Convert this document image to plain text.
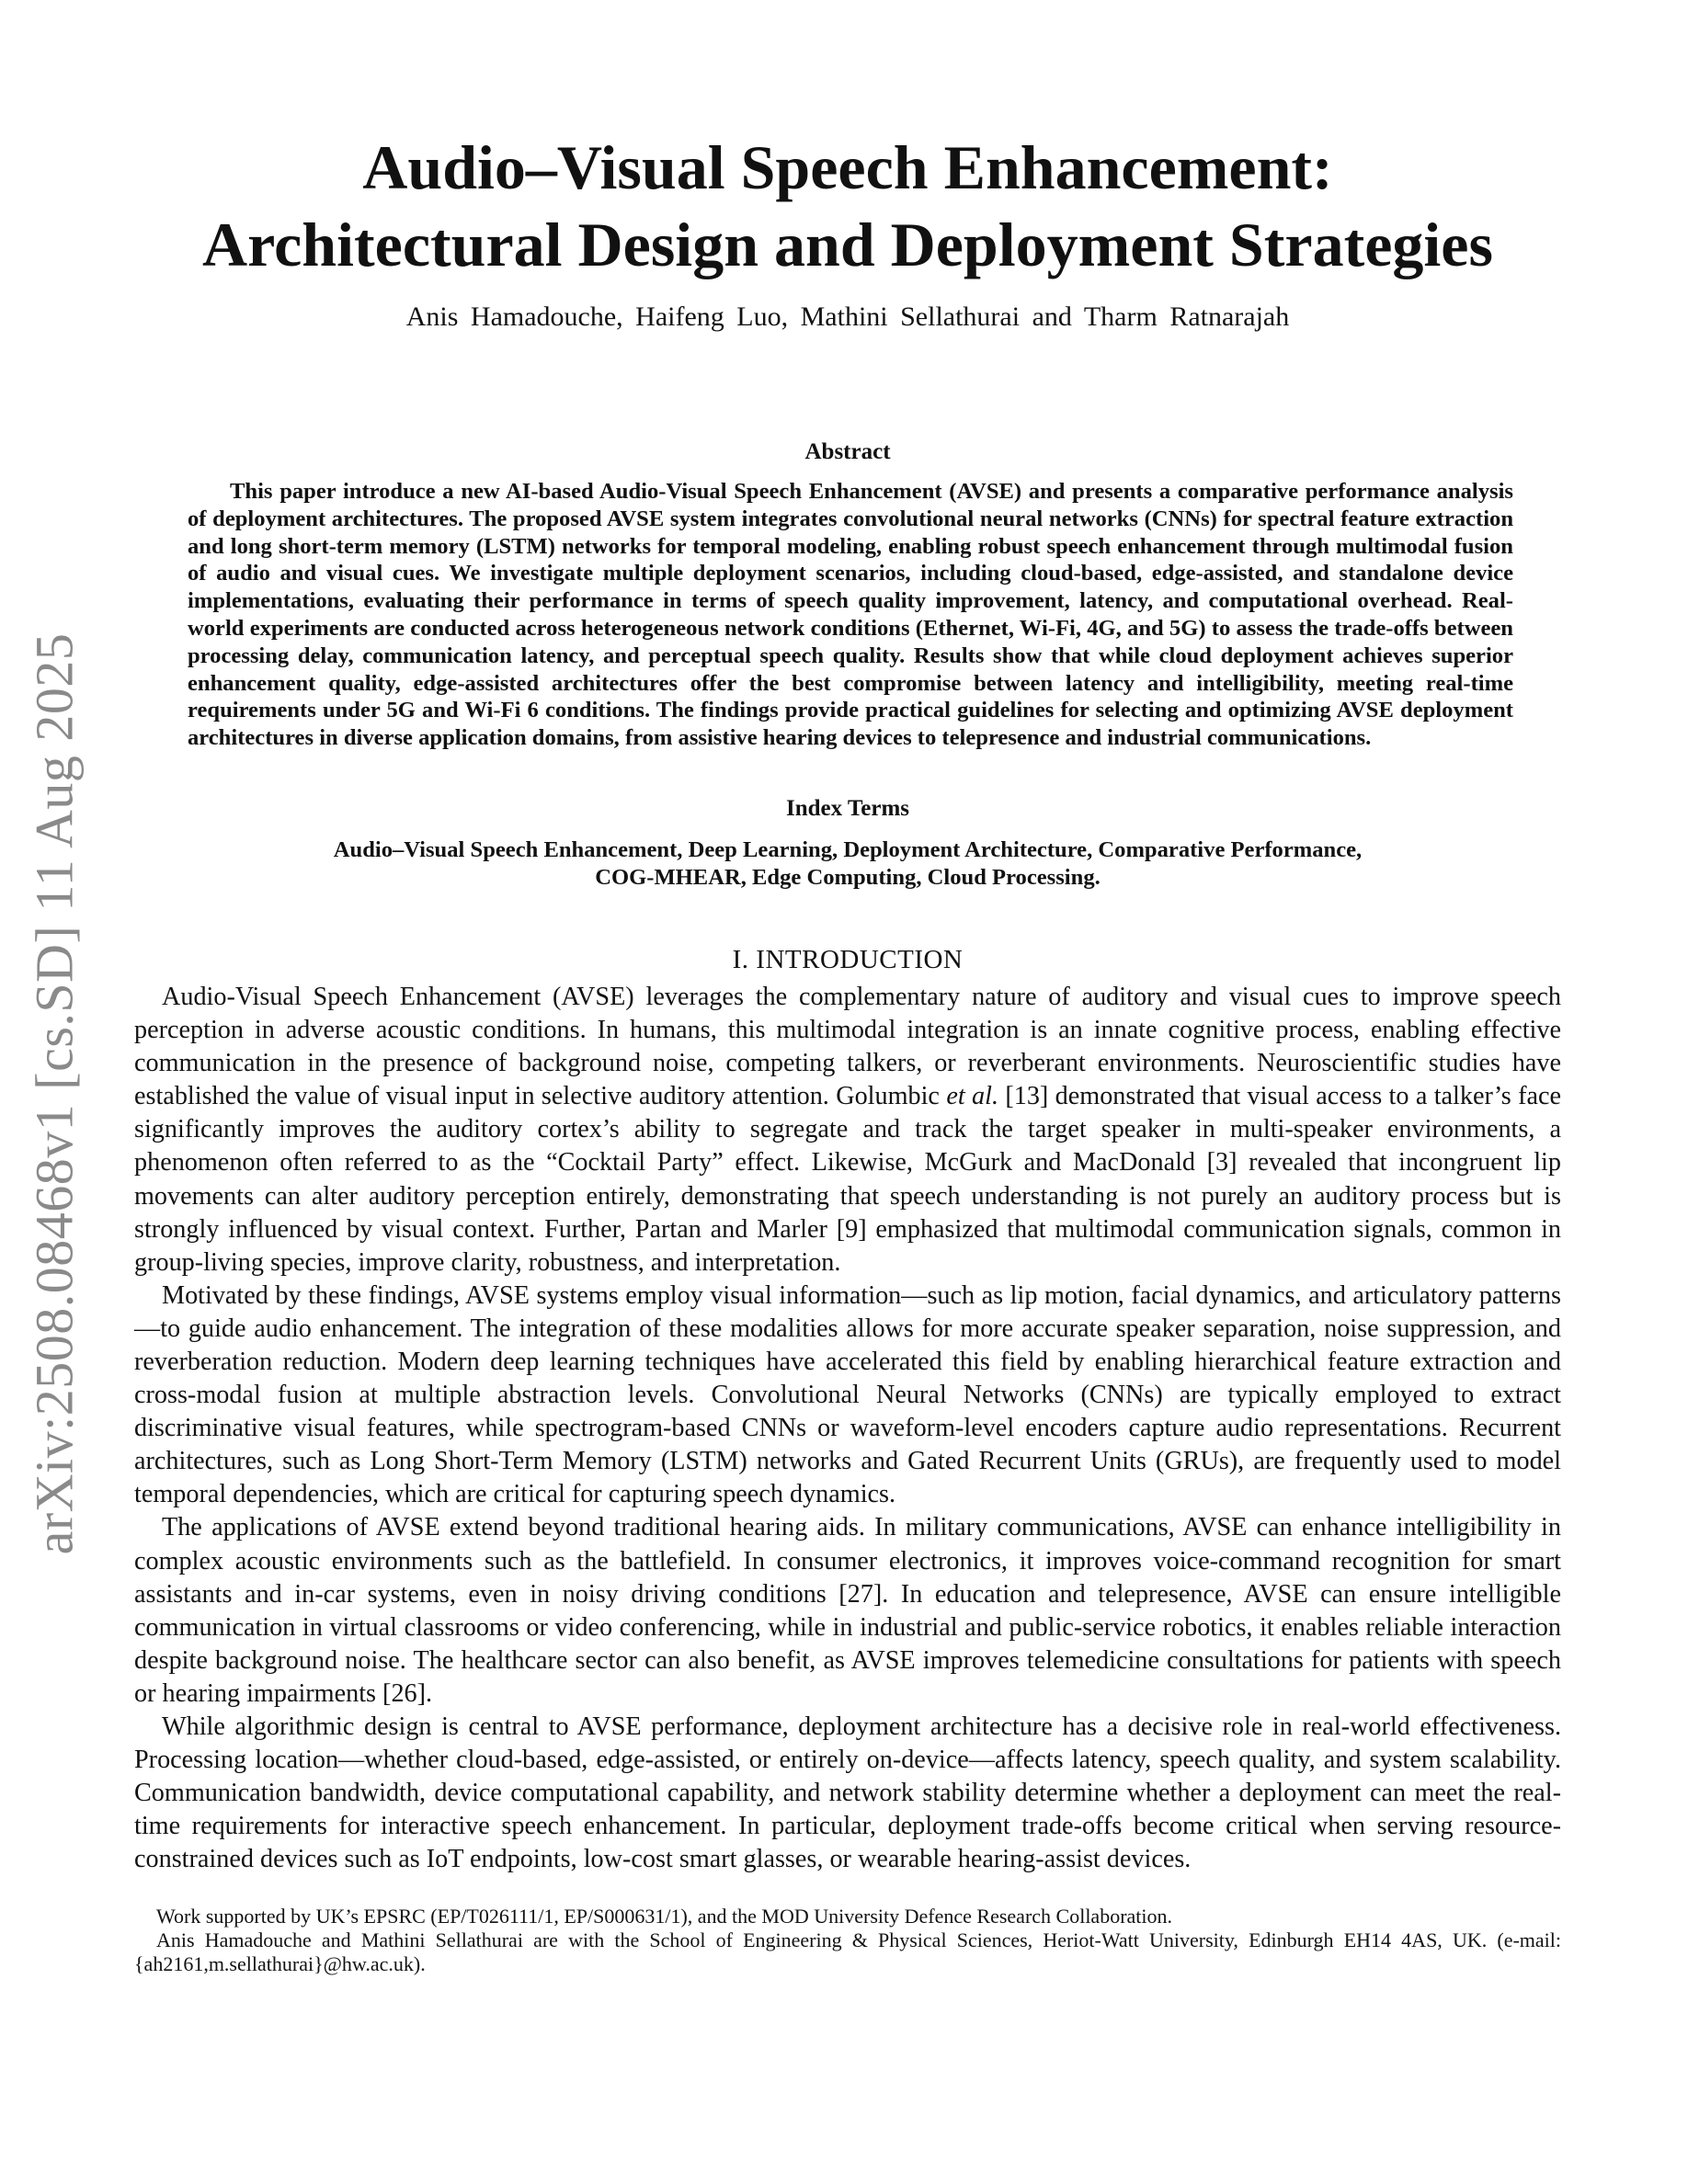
arXiv:2508.08468v1 [cs.SD] 11 Aug 2025
Audio–Visual Speech Enhancement:
Architectural Design and Deployment Strategies
Anis Hamadouche, Haifeng Luo, Mathini Sellathurai and Tharm Ratnarajah
Abstract

This paper introduce a new AI-based Audio-Visual Speech Enhancement (AVSE) and presents a comparative performance analysis of deployment architectures. The proposed AVSE system integrates convolutional neural networks (CNNs) for spectral feature extraction and long short-term memory (LSTM) networks for temporal modeling, enabling robust speech enhancement through multimodal fusion of audio and visual cues. We investigate multiple deployment scenarios, including cloud-based, edge-assisted, and standalone device implementations, evaluating their performance in terms of speech quality improvement, latency, and computational overhead. Real-world experiments are conducted across heterogeneous network conditions (Ethernet, Wi-Fi, 4G, and 5G) to assess the trade-offs between processing delay, communication latency, and perceptual speech quality. Results show that while cloud deployment achieves superior enhancement quality, edge-assisted architectures offer the best compromise between latency and intelligibility, meeting real-time requirements under 5G and Wi-Fi 6 conditions. The findings provide practical guidelines for selecting and optimizing AVSE deployment architectures in diverse application domains, from assistive hearing devices to telepresence and industrial communications.

Index Terms
Audio–Visual Speech Enhancement, Deep Learning, Deployment Architecture, Comparative Performance,
COG-MHEAR, Edge Computing, Cloud Processing.
I. INTRODUCTION

Audio-Visual Speech Enhancement (AVSE) leverages the complementary nature of auditory and visual cues to improve speech perception in adverse acoustic conditions. In humans, this multimodal integration is an innate cognitive process, enabling effective communication in the presence of background noise, competing talkers, or reverberant environments. Neuroscientific studies have established the value of visual input in selective auditory attention. Golumbic et al. [13] demonstrated that visual access to a talker’s face significantly improves the auditory cortex’s ability to segregate and track the target speaker in multi-speaker environments, a phenomenon often referred to as the “Cocktail Party” effect. Likewise, McGurk and MacDonald [3] revealed that incongruent lip movements can alter auditory perception entirely, demonstrating that speech understanding is not purely an auditory process but is strongly influenced by visual context. Further, Partan and Marler [9] emphasized that multimodal communication signals, common in group-living species, improve clarity, robustness, and interpretation.

Motivated by these findings, AVSE systems employ visual information—such as lip motion, facial dynamics, and articulatory patterns—to guide audio enhancement. The integration of these modalities allows for more accurate speaker separation, noise suppression, and reverberation reduction. Modern deep learning techniques have accelerated this field by enabling hierarchical feature extraction and cross-modal fusion at multiple abstraction levels. Convolutional Neural Networks (CNNs) are typically employed to extract discriminative visual features, while spectrogram-based CNNs or waveform-level encoders capture audio representations. Recurrent architectures, such as Long Short-Term Memory (LSTM) networks and Gated Recurrent Units (GRUs), are frequently used to model temporal dependencies, which are critical for capturing speech dynamics.

The applications of AVSE extend beyond traditional hearing aids. In military communications, AVSE can enhance intelligibility in complex acoustic environments such as the battlefield. In consumer electronics, it improves voice-command recognition for smart assistants and in-car systems, even in noisy driving conditions [27]. In education and telepresence, AVSE can ensure intelligible communication in virtual classrooms or video conferencing, while in industrial and public-service robotics, it enables reliable interaction despite background noise. The healthcare sector can also benefit, as AVSE improves telemedicine consultations for patients with speech or hearing impairments [26].

While algorithmic design is central to AVSE performance, deployment architecture has a decisive role in real-world effectiveness. Processing location—whether cloud-based, edge-assisted, or entirely on-device—affects latency, speech quality, and system scalability. Communication bandwidth, device computational capability, and network stability determine whether a deployment can meet the real-time requirements for interactive speech enhancement. In particular, deployment trade-offs become critical when serving resource-constrained devices such as IoT endpoints, low-cost smart glasses, or wearable hearing-assist devices.

Work supported by UK’s EPSRC (EP/T026111/1, EP/S000631/1), and the MOD University Defence Research Collaboration.

Anis Hamadouche and Mathini Sellathurai are with the School of Engineering & Physical Sciences, Heriot-Watt University, Edinburgh EH14 4AS, UK. (e-mail: {ah2161,m.sellathurai}@hw.ac.uk).
